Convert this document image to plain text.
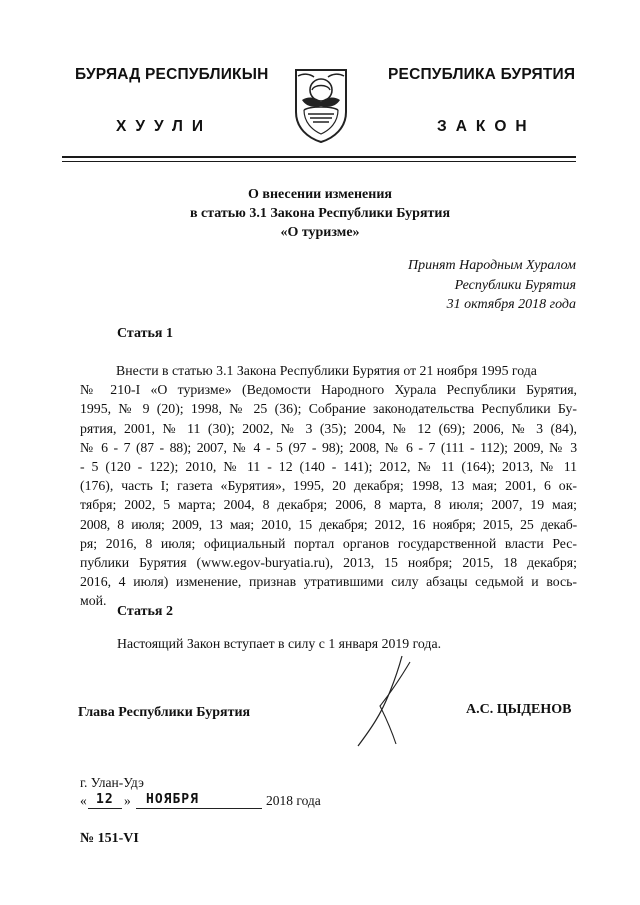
БУРЯАД РЕСПУБЛИКЫН	РЕСПУБЛИКА БУРЯТИЯ
ХУУЛИ	ЗАКОН
О внесении изменения
в статью 3.1 Закона Республики Бурятия
«О туризме»
Принят Народным Хуралом
Республики Бурятия
31 октября 2018 года
Статья 1
Внести в статью 3.1 Закона Республики Бурятия от 21 ноября 1995 года
№ 210-I «О туризме» (Ведомости Народного Хурала Республики Бурятия,
1995, № 9 (20); 1998, № 25 (36); Собрание законодательства Республики Бу-
рятия, 2001, № 11 (30); 2002, № 3 (35); 2004, № 12 (69); 2006, № 3 (84),
№ 6 - 7 (87 - 88); 2007, № 4 - 5 (97 - 98); 2008, № 6 - 7 (111 - 112); 2009, № 3
- 5 (120 - 122); 2010, № 11 - 12 (140 - 141); 2012, № 11 (164); 2013, № 11
(176), часть I; газета «Бурятия», 1995, 20 декабря; 1998, 13 мая; 2001, 6 ок-
тября; 2002, 5 марта; 2004, 8 декабря; 2006, 8 марта, 8 июля; 2007, 19 мая;
2008, 8 июля; 2009, 13 мая; 2010, 15 декабря; 2012, 16 ноября; 2015, 25 декаб-
ря; 2016, 8 июля; официальный портал органов государственной власти Рес-
публики Бурятия (www.egov-buryatia.ru), 2013, 15 ноября; 2015, 18 декабря;
2016, 4 июля) изменение, признав утратившими силу абзацы седьмой и вось-
мой.
Статья 2
Настоящий Закон вступает в силу с 1 января 2019 года.
Глава Республики Бурятия	А.С. ЦЫДЕНОВ
г. Улан-Удэ
« 12 » НОЯБРЯ	2018 года
№ 151-VI
